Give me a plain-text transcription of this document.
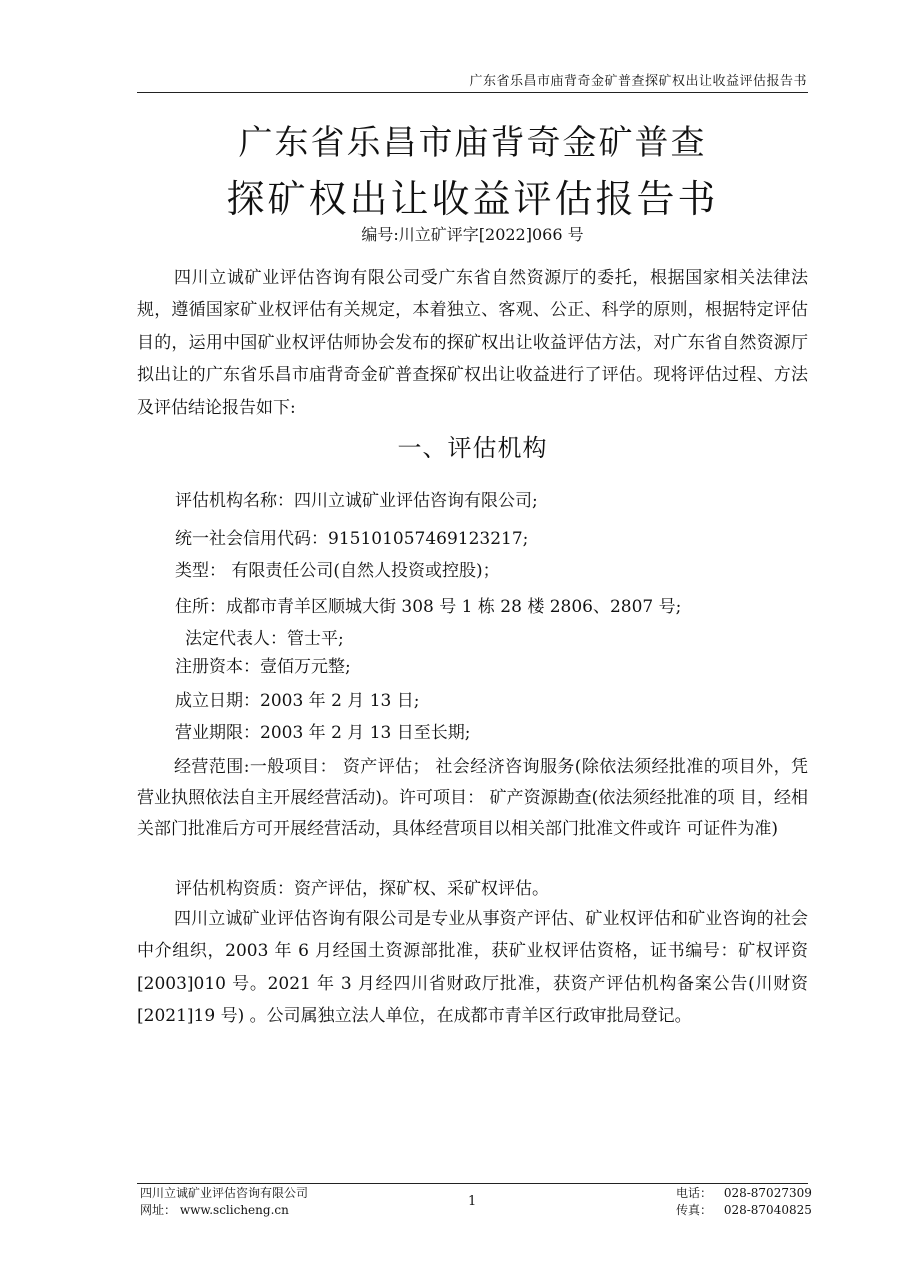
广东省乐昌市庙背奇金矿普查探矿权出让收益评估报告书
广东省乐昌市庙背奇金矿普查
探矿权出让收益评估报告书
编号:川立矿评字[2022]066 号
四川立诚矿业评估咨询有限公司受广东省自然资源厅的委托，根据国家相关法律法规，遵循国家矿业权评估有关规定，本着独立、客观、公正、科学的原则，根据特定评估目的，运用中国矿业权评估师协会发布的探矿权出让收益评估方法，对广东省自然资源厅拟出让的广东省乐昌市庙背奇金矿普查探矿权出让收益进行了评估。现将评估过程、方法及评估结论报告如下:
一、评估机构
评估机构名称：四川立诚矿业评估咨询有限公司;
统一社会信用代码：915101057469123217;
类型： 有限责任公司(自然人投资或控股)；
住所：成都市青羊区顺城大街 308 号 1 栋 28 楼 2806、2807 号;
法定代表人：管士平;
注册资本：壹佰万元整;
成立日期：2003 年 2 月 13 日;
营业期限：2003 年 2 月 13 日至长期;
经营范围:一般项目： 资产评估； 社会经济咨询服务(除依法须经批准的项目外，凭营业执照依法自主开展经营活动)。许可项目： 矿产资源勘查(依法须经批准的项 目，经相关部门批准后方可开展经营活动，具体经营项目以相关部门批准文件或许 可证件为准)
评估机构资质：资产评估，探矿权、采矿权评估。
四川立诚矿业评估咨询有限公司是专业从事资产评估、矿业权评估和矿业咨询的社会中介组织，2003 年 6 月经国土资源部批准，获矿业权评估资格，证书编号：矿权评资[2003]010 号。2021 年 3 月经四川省财政厅批准，获资产评估机构备案公告(川财资[2021]19 号) 。公司属独立法人单位，在成都市青羊区行政审批局登记。
四川立诚矿业评估咨询有限公司
网址： www.sclicheng.cn
1
电话： 028-87027309
传真： 028-87040825
